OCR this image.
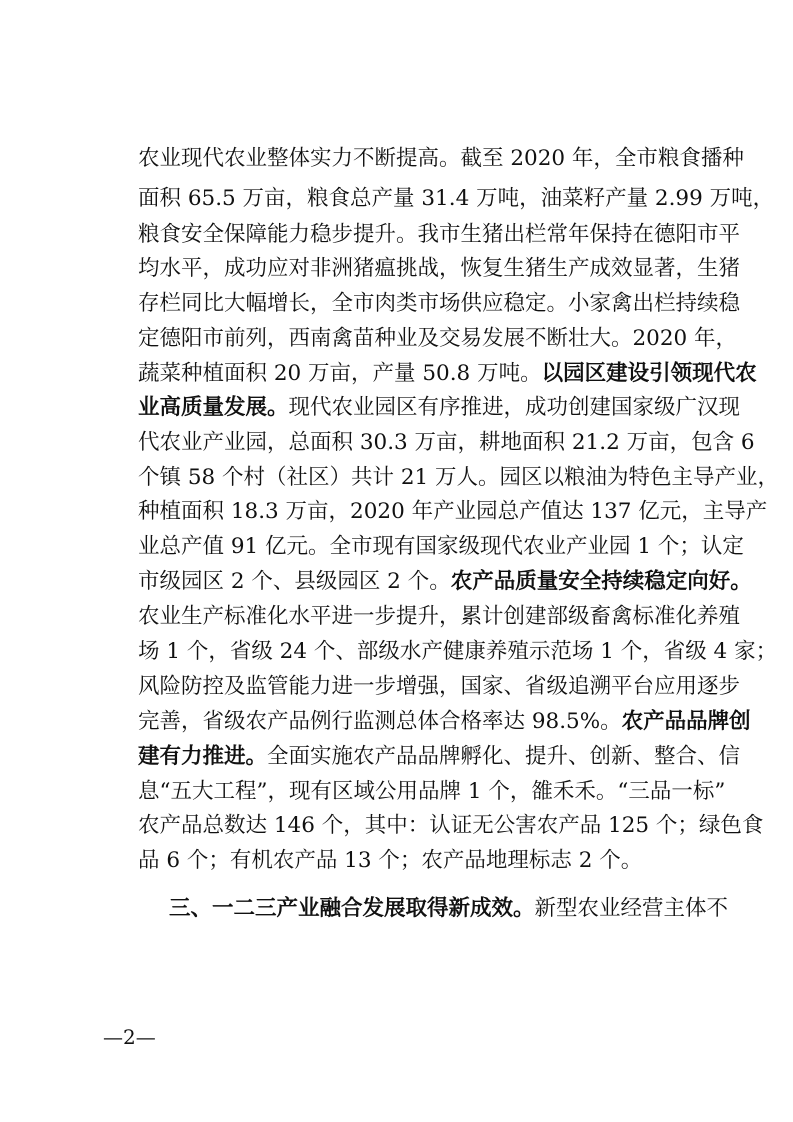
农业现代农业整体实力不断提高。截至 2020 年，全市粮食播种
面积 65.5 万亩，粮食总产量 31.4 万吨，油菜籽产量 2.99 万吨，
粮食安全保障能力稳步提升。我市生猪出栏常年保持在德阳市平
均水平，成功应对非洲猪瘟挑战，恢复生猪生产成效显著，生猪
存栏同比大幅增长，全市肉类市场供应稳定。小家禽出栏持续稳
定德阳市前列，西南禽苗种业及交易发展不断壮大。2020 年，
蔬菜种植面积 20 万亩，产量 50.8 万吨。以园区建设引领现代农
业高质量发展。现代农业园区有序推进，成功创建国家级广汉现
代农业产业园，总面积 30.3 万亩，耕地面积 21.2 万亩，包含 6
个镇 58 个村（社区）共计 21 万人。园区以粮油为特色主导产业，
种植面积 18.3 万亩，2020 年产业园总产值达 137 亿元，主导产
业总产值 91 亿元。全市现有国家级现代农业产业园 1 个；认定
市级园区 2 个、县级园区 2 个。农产品质量安全持续稳定向好。
农业生产标准化水平进一步提升，累计创建部级畜禽标准化养殖
场 1 个，省级 24 个、部级水产健康养殖示范场 1 个，省级 4 家；
风险防控及监管能力进一步增强，国家、省级追溯平台应用逐步
完善，省级农产品例行监测总体合格率达 98.5%。农产品品牌创
建有力推进。全面实施农产品品牌孵化、提升、创新、整合、信
息“五大工程”，现有区域公用品牌 1 个，雒禾禾。“三品一标”
农产品总数达 146 个，其中：认证无公害农产品 125 个；绿色食
品 6 个；有机农产品 13 个；农产品地理标志 2 个。
三、一二三产业融合发展取得新成效。新型农业经营主体不
—2—
